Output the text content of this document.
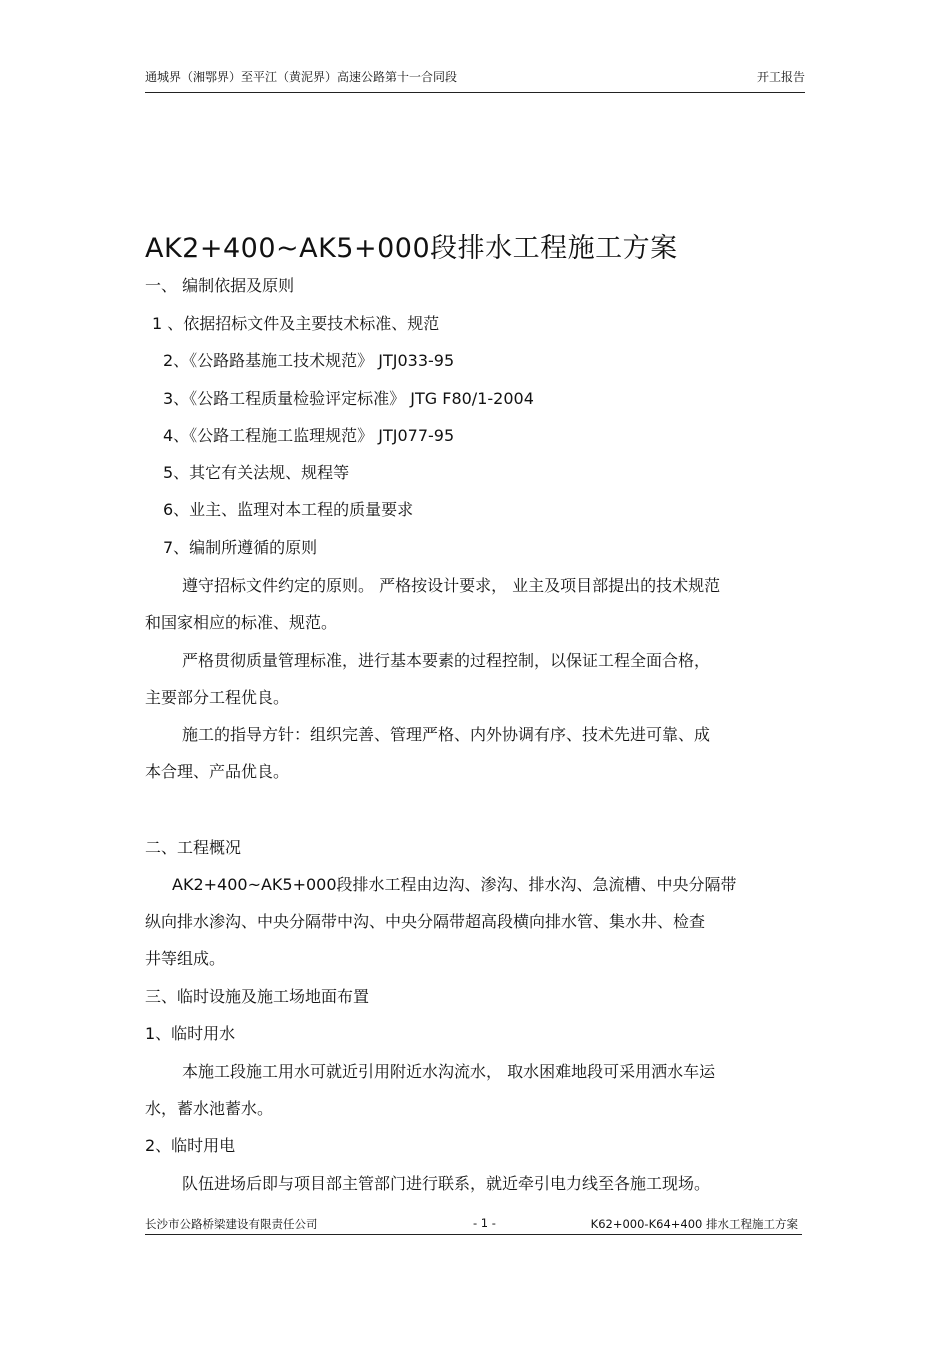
通城界（湘鄂界）至平江（黄泥界）高速公路第十一合同段	开工报告
AK2+400~AK5+000段排水工程施工方案
一、 编制依据及原则
1 、依据招标文件及主要技术标准、规范
2、《公路路基施工技术规范》 JTJ033-95
3、《公路工程质量检验评定标准》 JTG F80/1-2004
4、《公路工程施工监理规范》 JTJ077-95
5、其它有关法规、规程等
6、业主、监理对本工程的质量要求
7、编制所遵循的原则
遵守招标文件约定的原则。 严格按设计要求， 业主及项目部提出的技术规范
和国家相应的标准、规范。
严格贯彻质量管理标准，进行基本要素的过程控制，以保证工程全面合格，
主要部分工程优良。
施工的指导方针：组织完善、管理严格、内外协调有序、技术先进可靠、成
本合理、产品优良。
二、工程概况
AK2+400~AK5+000段排水工程由边沟、渗沟、排水沟、急流槽、中央分隔带
纵向排水渗沟、中央分隔带中沟、中央分隔带超高段横向排水管、集水井、检查
井等组成。
三、临时设施及施工场地面布置
1、临时用水
本施工段施工用水可就近引用附近水沟流水， 取水困难地段可采用洒水车运
水，蓄水池蓄水。
2、临时用电
队伍进场后即与项目部主管部门进行联系，就近牵引电力线至各施工现场。
长沙市公路桥梁建设有限责任公司	- 1 -	K62+000-K64+400 排水工程施工方案
